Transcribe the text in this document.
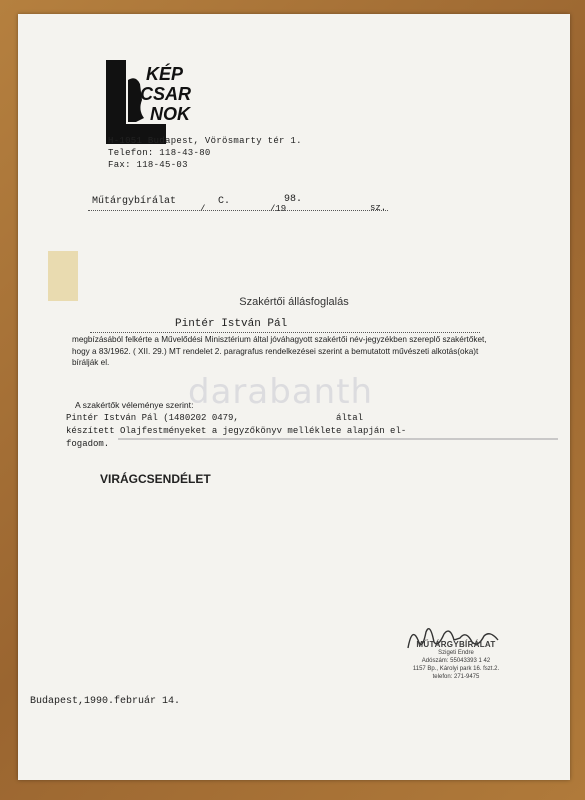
KÉP
CSAR
NOK
H-1051 Budapest, Vörösmarty tér 1.
Telefon: 118-43-80
Fax: 118-45-03
Műtárgybírálat	C.	98.
/	/19	sz.
Szakértői állásfoglalás
Pintér István Pál
megbízásából felkérte a Művelődési Minisztérium által jóváhagyott szakértői név-jegyzékben szereplő szakértőket, hogy a 83/1962. ( XII. 29.) MT rendelet 2. paragrafus rendelkezései szerint a bemutatott művészeti alkotás(oka)t bírálják el.
darabanth
A szakértők véleménye szerint:
Pintér István Pál (1480202 0479,                  által
készített Olajfestményeket a jegyzőkönyv melléklete alapján el-
fogadom.
VIRÁGCSENDÉLET
MŰTÁRGYBÍRÁLAT
Szigeti Endre
Adószám: 55043393 1 42
1157 Bp., Károlyi park 16. fszt.2.
telefon: 271-9475
Budapest,1990.február 14.
